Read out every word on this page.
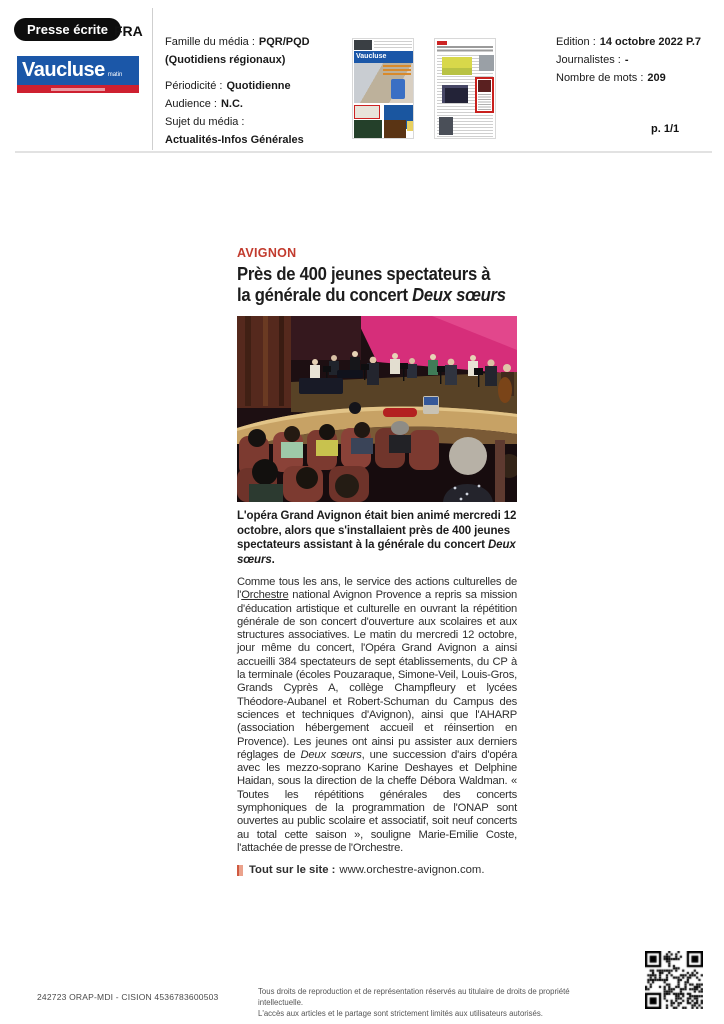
Presse écrite FRA
Vaucluse matin
Famille du média : PQR/PQD
(Quotidiens régionaux)
Périodicité : Quotidienne
Audience : N.C.
Sujet du média :
Actualités-Infos Générales
Vaucluse
Edition : 14 octobre 2022 P.7
Journalistes : -
Nombre de mots : 209
p. 1/1
AVIGNON
Près de 400 jeunes spectateurs à
la générale du concert Deux sœurs
L'opéra Grand Avignon était bien animé mercredi 12 octobre, alors que s'installaient près de 400 jeunes spectateurs assistant à la générale du concert Deux sœurs.
Comme tous les ans, le service des actions culturelles de l'Orchestre national Avignon Provence a repris sa mission d'éducation artistique et culturelle en ouvrant la répétition générale de son concert d'ouverture aux scolaires et aux structures associatives. Le matin du mercredi 12 octobre, jour même du concert, l'Opéra Grand Avignon a ainsi accueilli 384 spectateurs de sept établissements, du CP à la terminale (écoles Pouzaraque, Simone-Veil, Louis-Gros, Grands Cyprès A, collège Champfleury et lycées Théodore-Aubanel et Robert-Schuman du Campus des sciences et techniques d'Avignon), ainsi que l'AHARP (association hébergement accueil et réinsertion en Provence). Les jeunes ont ainsi pu assister aux derniers réglages de Deux sœurs, une succession d'airs d'opéra avec les mezzo-soprano Karine Deshayes et Delphine Haidan, sous la direction de la cheffe Débora Waldman. « Toutes les répétitions générales des concerts symphoniques de la programmation de l'ONAP sont ouvertes au public scolaire et associatif, soit neuf concerts au total cette saison », souligne Marie-Emilie Coste, l'attachée de presse de l'Orchestre.
Tout sur le site : www.orchestre-avignon.com.
242723 ORAP-MDI - CISION 4536783600503
Tous droits de reproduction et de représentation réservés au titulaire de droits de propriété intellectuelle.
L'accès aux articles et le partage sont strictement limités aux utilisateurs autorisés.
